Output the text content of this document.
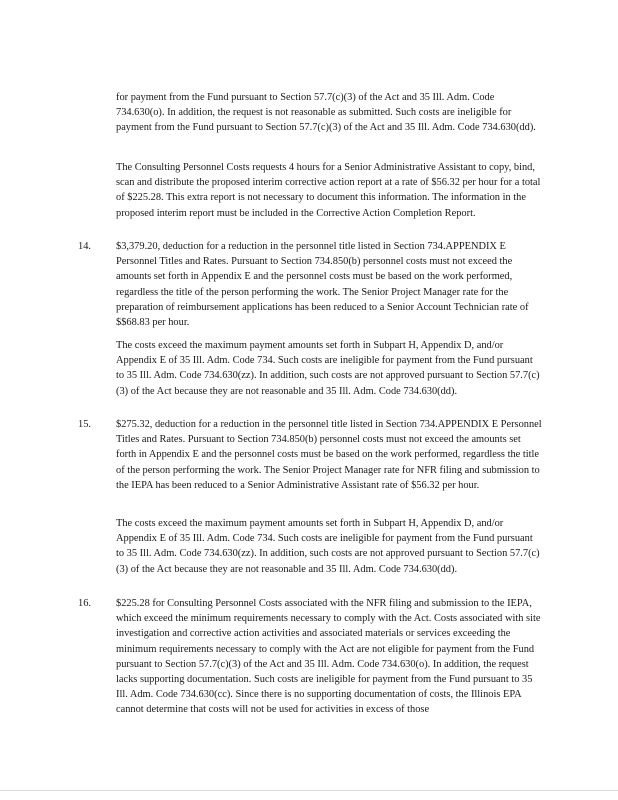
for payment from the Fund pursuant to Section 57.7(c)(3) of the Act and 35 Ill. Adm. Code 734.630(o). In addition, the request is not reasonable as submitted. Such costs are ineligible for payment from the Fund pursuant to Section 57.7(c)(3) of the Act and 35 Ill. Adm. Code 734.630(dd).

The Consulting Personnel Costs requests 4 hours for a Senior Administrative Assistant to copy, bind, scan and distribute the proposed interim corrective action report at a rate of $56.32 per hour for a total of $225.28. This extra report is not necessary to document this information. The information in the proposed interim report must be included in the Corrective Action Completion Report.

14. $3,379.20, deduction for a reduction in the personnel title listed in Section 734.APPENDIX E Personnel Titles and Rates. Pursuant to Section 734.850(b) personnel costs must not exceed the amounts set forth in Appendix E and the personnel costs must be based on the work performed, regardless the title of the person performing the work. The Senior Project Manager rate for the preparation of reimbursement applications has been reduced to a Senior Account Technician rate of $$68.83 per hour.

The costs exceed the maximum payment amounts set forth in Subpart H, Appendix D, and/or Appendix E of 35 Ill. Adm. Code 734. Such costs are ineligible for payment from the Fund pursuant to 35 Ill. Adm. Code 734.630(zz). In addition, such costs are not approved pursuant to Section 57.7(c)(3) of the Act because they are not reasonable and 35 Ill. Adm. Code 734.630(dd).

15. $275.32, deduction for a reduction in the personnel title listed in Section 734.APPENDIX E Personnel Titles and Rates. Pursuant to Section 734.850(b) personnel costs must not exceed the amounts set forth in Appendix E and the personnel costs must be based on the work performed, regardless the title of the person performing the work. The Senior Project Manager rate for NFR filing and submission to the IEPA has been reduced to a Senior Administrative Assistant rate of $56.32 per hour.

The costs exceed the maximum payment amounts set forth in Subpart H, Appendix D, and/or Appendix E of 35 Ill. Adm. Code 734. Such costs are ineligible for payment from the Fund pursuant to 35 Ill. Adm. Code 734.630(zz). In addition, such costs are not approved pursuant to Section 57.7(c)(3) of the Act because they are not reasonable and 35 Ill. Adm. Code 734.630(dd).

16. $225.28 for Consulting Personnel Costs associated with the NFR filing and submission to the IEPA, which exceed the minimum requirements necessary to comply with the Act. Costs associated with site investigation and corrective action activities and associated materials or services exceeding the minimum requirements necessary to comply with the Act are not eligible for payment from the Fund pursuant to Section 57.7(c)(3) of the Act and 35 Ill. Adm. Code 734.630(o). In addition, the request lacks supporting documentation. Such costs are ineligible for payment from the Fund pursuant to 35 Ill. Adm. Code 734.630(cc). Since there is no supporting documentation of costs, the Illinois EPA cannot determine that costs will not be used for activities in excess of those
